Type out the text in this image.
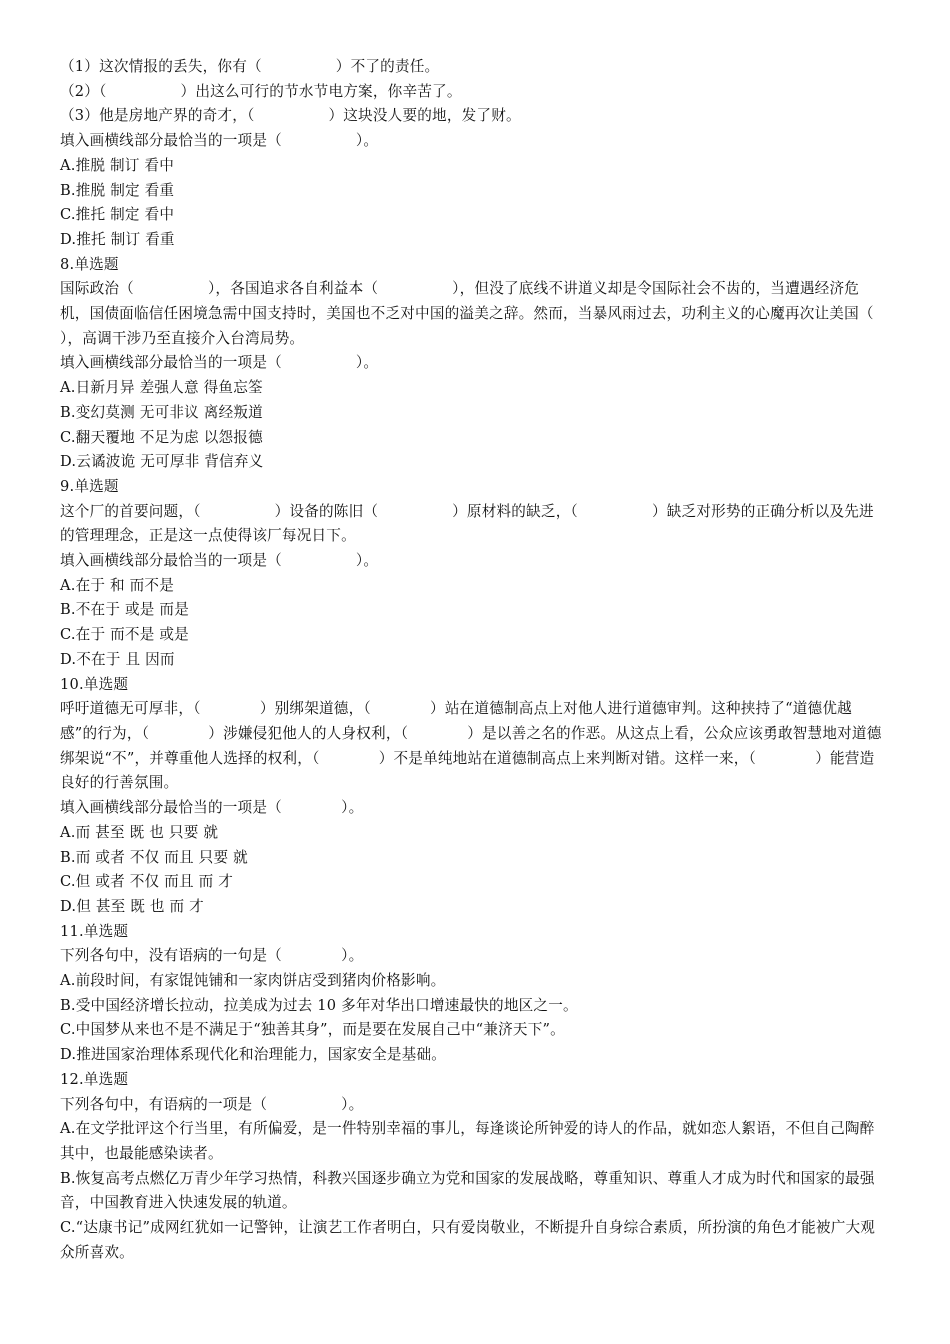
（1）这次情报的丢失，你有（　　　　　）不了的责任。
（2）（　　　　　）出这么可行的节水节电方案，你辛苦了。
（3）他是房地产界的奇才，（　　　　　）这块没人要的地，发了财。
填入画横线部分最恰当的一项是（　　　　　）。
A.推脱 制订 看中
B.推脱 制定 看重
C.推托 制定 看中
D.推托 制订 看重
8.单选题
国际政治（　　　　　），各国追求各自利益本（　　　　　），但没了底线不讲道义却是令国际社会不齿的，当遭遇经济危机，国债面临信任困境急需中国支持时，美国也不乏对中国的溢美之辞。然而，当暴风雨过去，功利主义的心魔再次让美国（　　　　　），高调干涉乃至直接介入台湾局势。
填入画横线部分最恰当的一项是（　　　　　）。
A.日新月异 差强人意 得鱼忘筌
B.变幻莫测 无可非议 离经叛道
C.翻天覆地 不足为虑 以怨报德
D.云谲波诡 无可厚非 背信弃义
9.单选题
这个厂的首要问题，（　　　　　）设备的陈旧（　　　　　）原材料的缺乏，（　　　　　）缺乏对形势的正确分析以及先进的管理理念，正是这一点使得该厂每况日下。
填入画横线部分最恰当的一项是（　　　　　）。
A.在于 和 而不是
B.不在于 或是 而是
C.在于 而不是 或是
D.不在于 且 因而
10.单选题
呼吁道德无可厚非，（　　　　）别绑架道德，（　　　　）站在道德制高点上对他人进行道德审判。这种挟持了“道德优越感”的行为，（　　　　）涉嫌侵犯他人的人身权利，（　　　　）是以善之名的作恶。从这点上看，公众应该勇敢智慧地对道德绑架说“不”，并尊重他人选择的权利，（　　　　）不是单纯地站在道德制高点上来判断对错。这样一来，（　　　　）能营造良好的行善氛围。
填入画横线部分最恰当的一项是（　　　　）。
A.而 甚至 既 也 只要 就
B.而 或者 不仅 而且 只要 就
C.但 或者 不仅 而且 而 才
D.但 甚至 既 也 而 才
11.单选题
下列各句中，没有语病的一句是（　　　　）。
A.前段时间，有家馄饨铺和一家肉饼店受到猪肉价格影响。
B.受中国经济增长拉动，拉美成为过去 10 多年对华出口增速最快的地区之一。
C.中国梦从来也不是不满足于“独善其身”，而是要在发展自己中“兼济天下”。
D.推进国家治理体系现代化和治理能力，国家安全是基础。
12.单选题
下列各句中，有语病的一项是（　　　　　）。
A.在文学批评这个行当里，有所偏爱，是一件特别幸福的事儿，每逢谈论所钟爱的诗人的作品，就如恋人絮语，不但自己陶醉其中，也最能感染读者。
B.恢复高考点燃亿万青少年学习热情，科教兴国逐步确立为党和国家的发展战略，尊重知识、尊重人才成为时代和国家的最强音，中国教育进入快速发展的轨道。
C.“达康书记”成网红犹如一记警钟，让演艺工作者明白，只有爱岗敬业，不断提升自身综合素质，所扮演的角色才能被广大观众所喜欢。
